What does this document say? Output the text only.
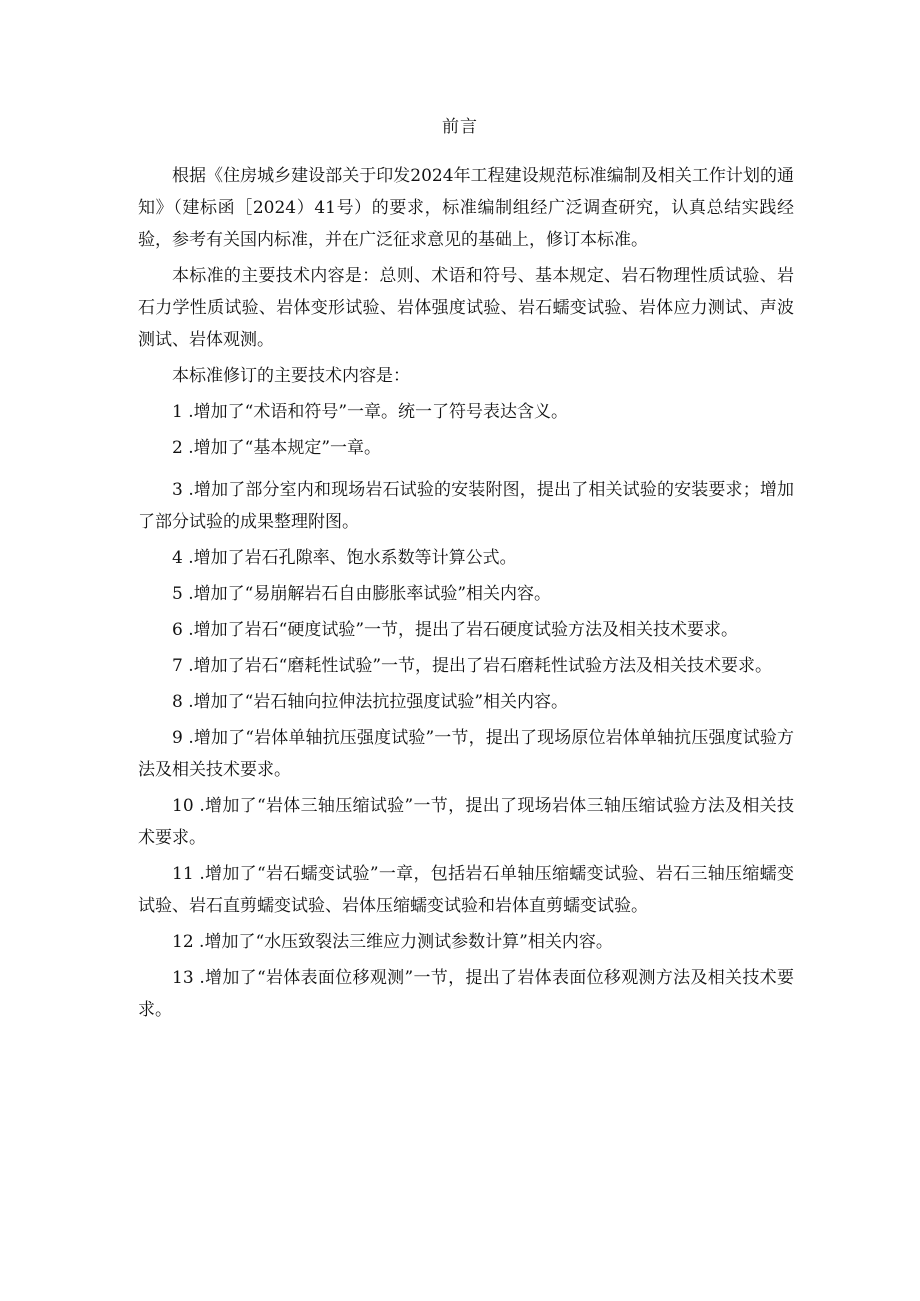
前言

根据《住房城乡建设部关于印发2024年工程建设规范标准编制及相关工作计划的通知》（建标函［2024）41号）的要求，标准编制组经广泛调查研究，认真总结实践经验，参考有关国内标准，并在广泛征求意见的基础上，修订本标准。

本标准的主要技术内容是：总则、术语和符号、基本规定、岩石物理性质试验、岩石力学性质试验、岩体变形试验、岩体强度试验、岩石蠕变试验、岩体应力测试、声波测试、岩体观测。

本标准修订的主要技术内容是：

1 .增加了“术语和符号”一章。统一了符号表达含义。

2 .增加了“基本规定”一章。

3 .增加了部分室内和现场岩石试验的安装附图，提出了相关试验的安装要求；增加了部分试验的成果整理附图。

4 .增加了岩石孔隙率、饱水系数等计算公式。

5 .增加了“易崩解岩石自由膨胀率试验”相关内容。

6 .增加了岩石“硬度试验”一节，提出了岩石硬度试验方法及相关技术要求。

7 .增加了岩石“磨耗性试验”一节，提出了岩石磨耗性试验方法及相关技术要求。

8 .增加了“岩石轴向拉伸法抗拉强度试验”相关内容。

9 .增加了“岩体单轴抗压强度试验”一节，提出了现场原位岩体单轴抗压强度试验方法及相关技术要求。

10 .增加了“岩体三轴压缩试验”一节，提出了现场岩体三轴压缩试验方法及相关技术要求。

11 .增加了“岩石蠕变试验”一章，包括岩石单轴压缩蠕变试验、岩石三轴压缩蠕变试验、岩石直剪蠕变试验、岩体压缩蠕变试验和岩体直剪蠕变试验。

12 .增加了“水压致裂法三维应力测试参数计算”相关内容。

13 .增加了“岩体表面位移观测”一节，提出了岩体表面位移观测方法及相关技术要求。
